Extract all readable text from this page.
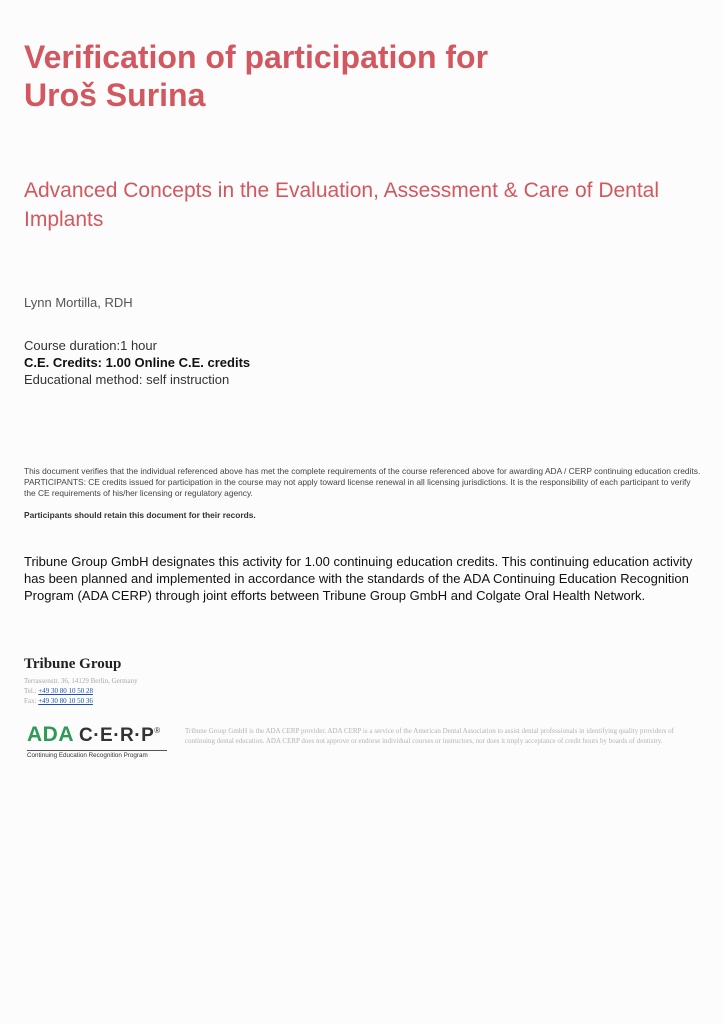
Verification of participation for
Uroš Surina
Advanced Concepts in the Evaluation, Assessment & Care of Dental Implants
Lynn Mortilla, RDH
Course duration:1 hour
C.E. Credits: 1.00 Online C.E. credits
Educational method: self instruction

This document verifies that the individual referenced above has met the complete requirements of the course referenced above for awarding ADA / CERP continuing education credits.

PARTICIPANTS: CE credits issued for participation in the course may not apply toward license renewal in all licensing jurisdictions. It is the responsibility of each participant to verify the CE requirements of his/her licensing or regulatory agency.

Participants should retain this document for their records.

Tribune Group GmbH designates this activity for 1.00 continuing education credits. This continuing education activity has been planned and implemented in accordance with the standards of the ADA Continuing Education Recognition Program (ADA CERP) through joint efforts between Tribune Group GmbH and Colgate Oral Health Network.

Tribune Group
Terrassenstr. 36, 14129 Berlin, Germany
Tel.: +49 30 80 10 50 28
Fax: +49 30 80 10 50 36
ADA C·E·R·P®
Continuing Education Recognition Program

Tribune Group GmbH is the ADA CERP provider. ADA CERP is a service of the American Dental Association to assist dental professionals in identifying quality providers of continuing dental education. ADA CERP does not approve or endorse individual courses or instructors, nor does it imply acceptance of credit hours by boards of dentistry.
